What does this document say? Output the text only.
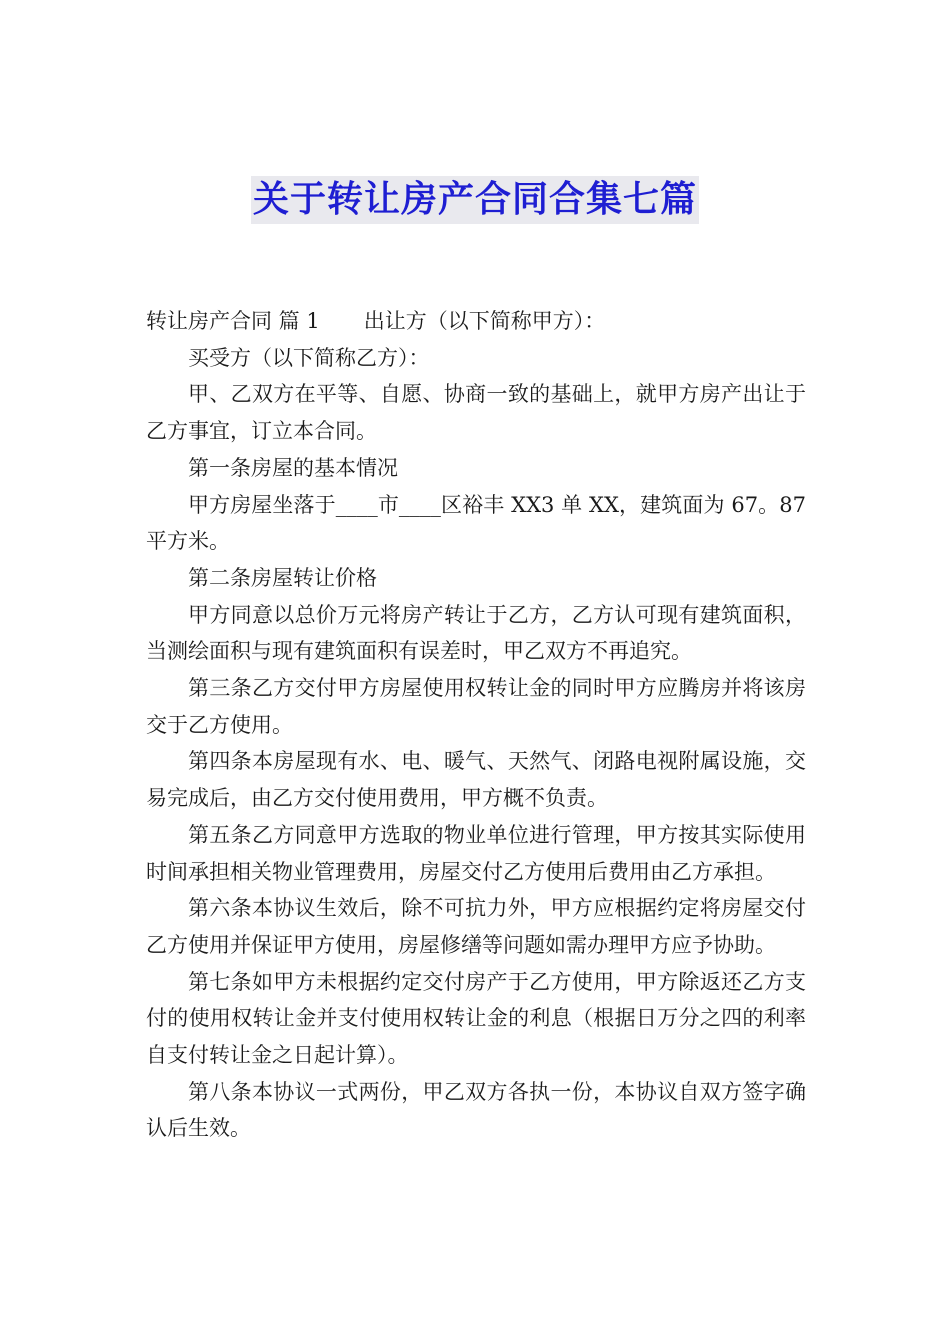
关于转让房产合同合集七篇

转让房产合同 篇 1 出让方（以下简称甲方）：

买受方（以下简称乙方）：

甲、乙双方在平等、自愿、协商一致的基础上，就甲方房产出让于乙方事宜，订立本合同。

第一条房屋的基本情况

甲方房屋坐落于____市____区裕丰 XX3 单 XX，建筑面为 67。87 平方米。

第二条房屋转让价格

甲方同意以总价万元将房产转让于乙方，乙方认可现有建筑面积，当测绘面积与现有建筑面积有误差时，甲乙双方不再追究。

第三条乙方交付甲方房屋使用权转让金的同时甲方应腾房并将该房交于乙方使用。

第四条本房屋现有水、电、暖气、天然气、闭路电视附属设施，交易完成后，由乙方交付使用费用，甲方概不负责。

第五条乙方同意甲方选取的物业单位进行管理，甲方按其实际使用时间承担相关物业管理费用，房屋交付乙方使用后费用由乙方承担。

第六条本协议生效后，除不可抗力外，甲方应根据约定将房屋交付乙方使用并保证甲方使用，房屋修缮等问题如需办理甲方应予协助。

第七条如甲方未根据约定交付房产于乙方使用，甲方除返还乙方支付的使用权转让金并支付使用权转让金的利息（根据日万分之四的利率自支付转让金之日起计算）。

第八条本协议一式两份，甲乙双方各执一份，本协议自双方签字确认后生效。
